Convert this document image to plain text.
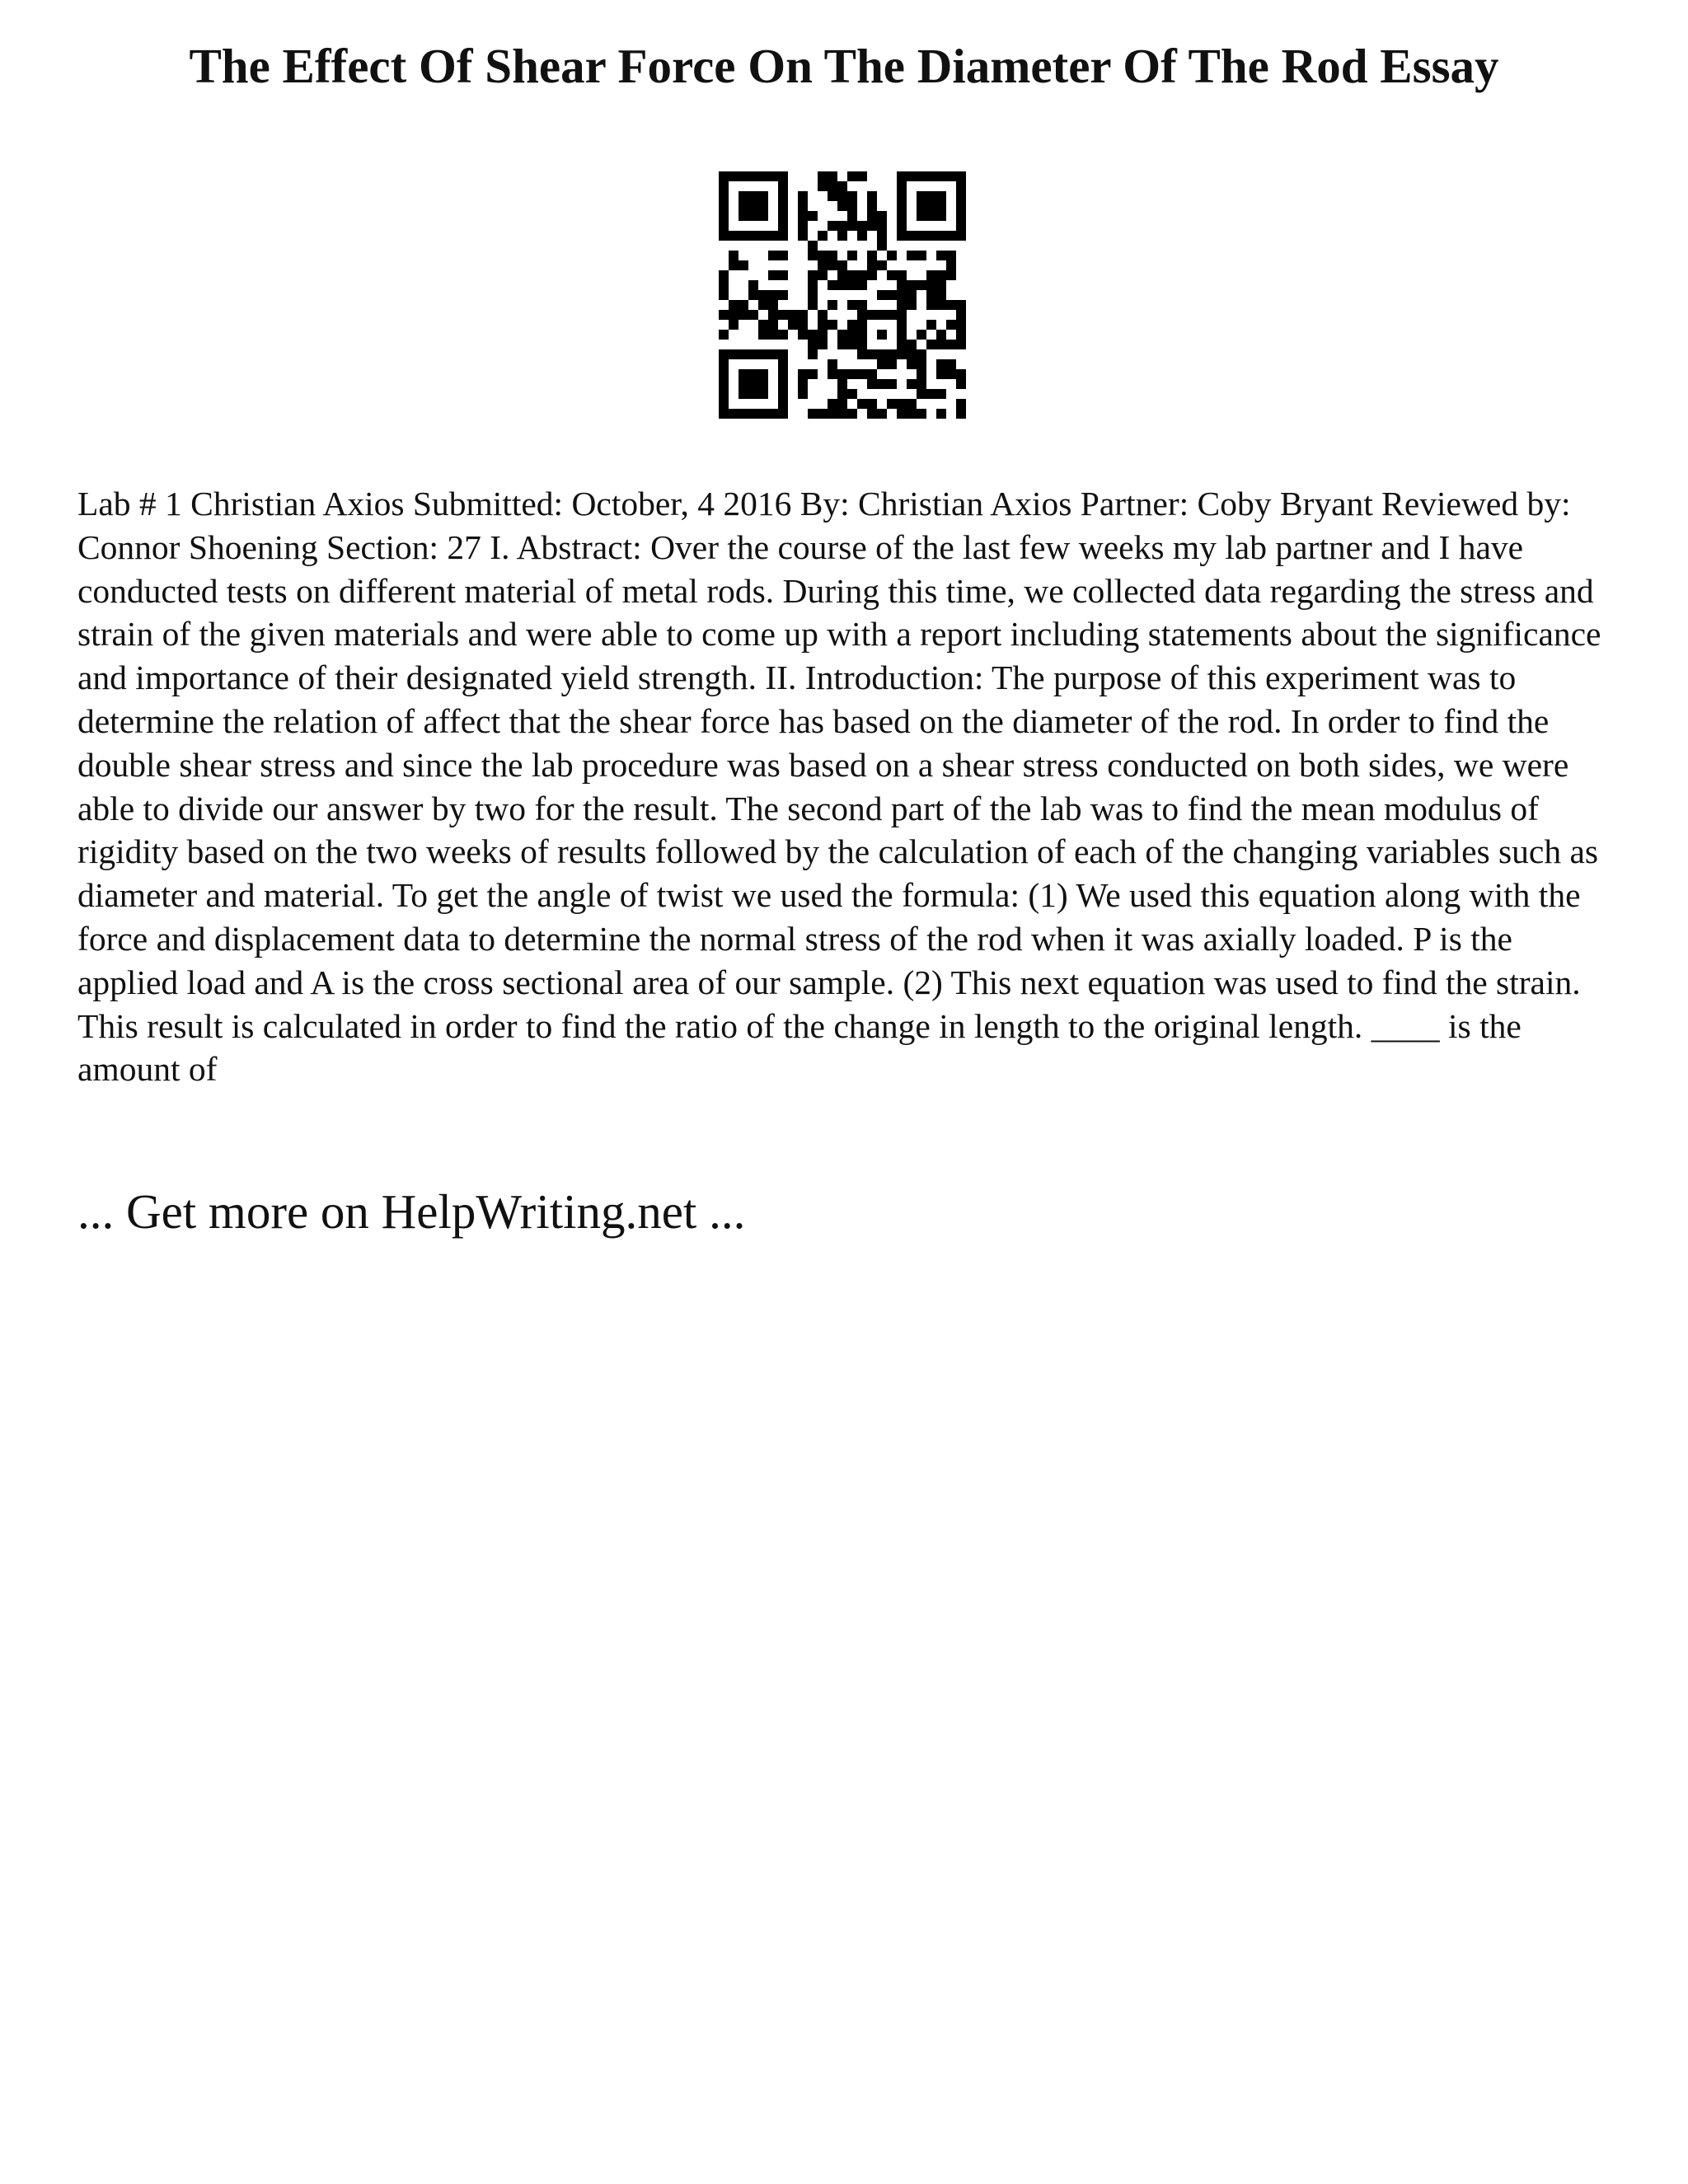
The Effect Of Shear Force On The Diameter Of The Rod Essay

Lab # 1 Christian Axios Submitted: October, 4 2016 By: Christian Axios Partner: Coby Bryant Reviewed by: Connor Shoening Section: 27 I. Abstract: Over the course of the last few weeks my lab partner and I have conducted tests on different material of metal rods. During this time, we collected data regarding the stress and strain of the given materials and were able to come up with a report including statements about the significance and importance of their designated yield strength. II. Introduction: The purpose of this experiment was to determine the relation of affect that the shear force has based on the diameter of the rod. In order to find the double shear stress and since the lab procedure was based on a shear stress conducted on both sides, we were able to divide our answer by two for the result. The second part of the lab was to find the mean modulus of rigidity based on the two weeks of results followed by the calculation of each of the changing variables such as diameter and material. To get the angle of twist we used the formula: (1) We used this equation along with the force and displacement data to determine the normal stress of the rod when it was axially loaded. P is the applied load and A is the cross sectional area of our sample. (2) This next equation was used to find the strain. This result is calculated in order to find the ratio of the change in length to the original length. ____ is the amount of

... Get more on HelpWriting.net ...
